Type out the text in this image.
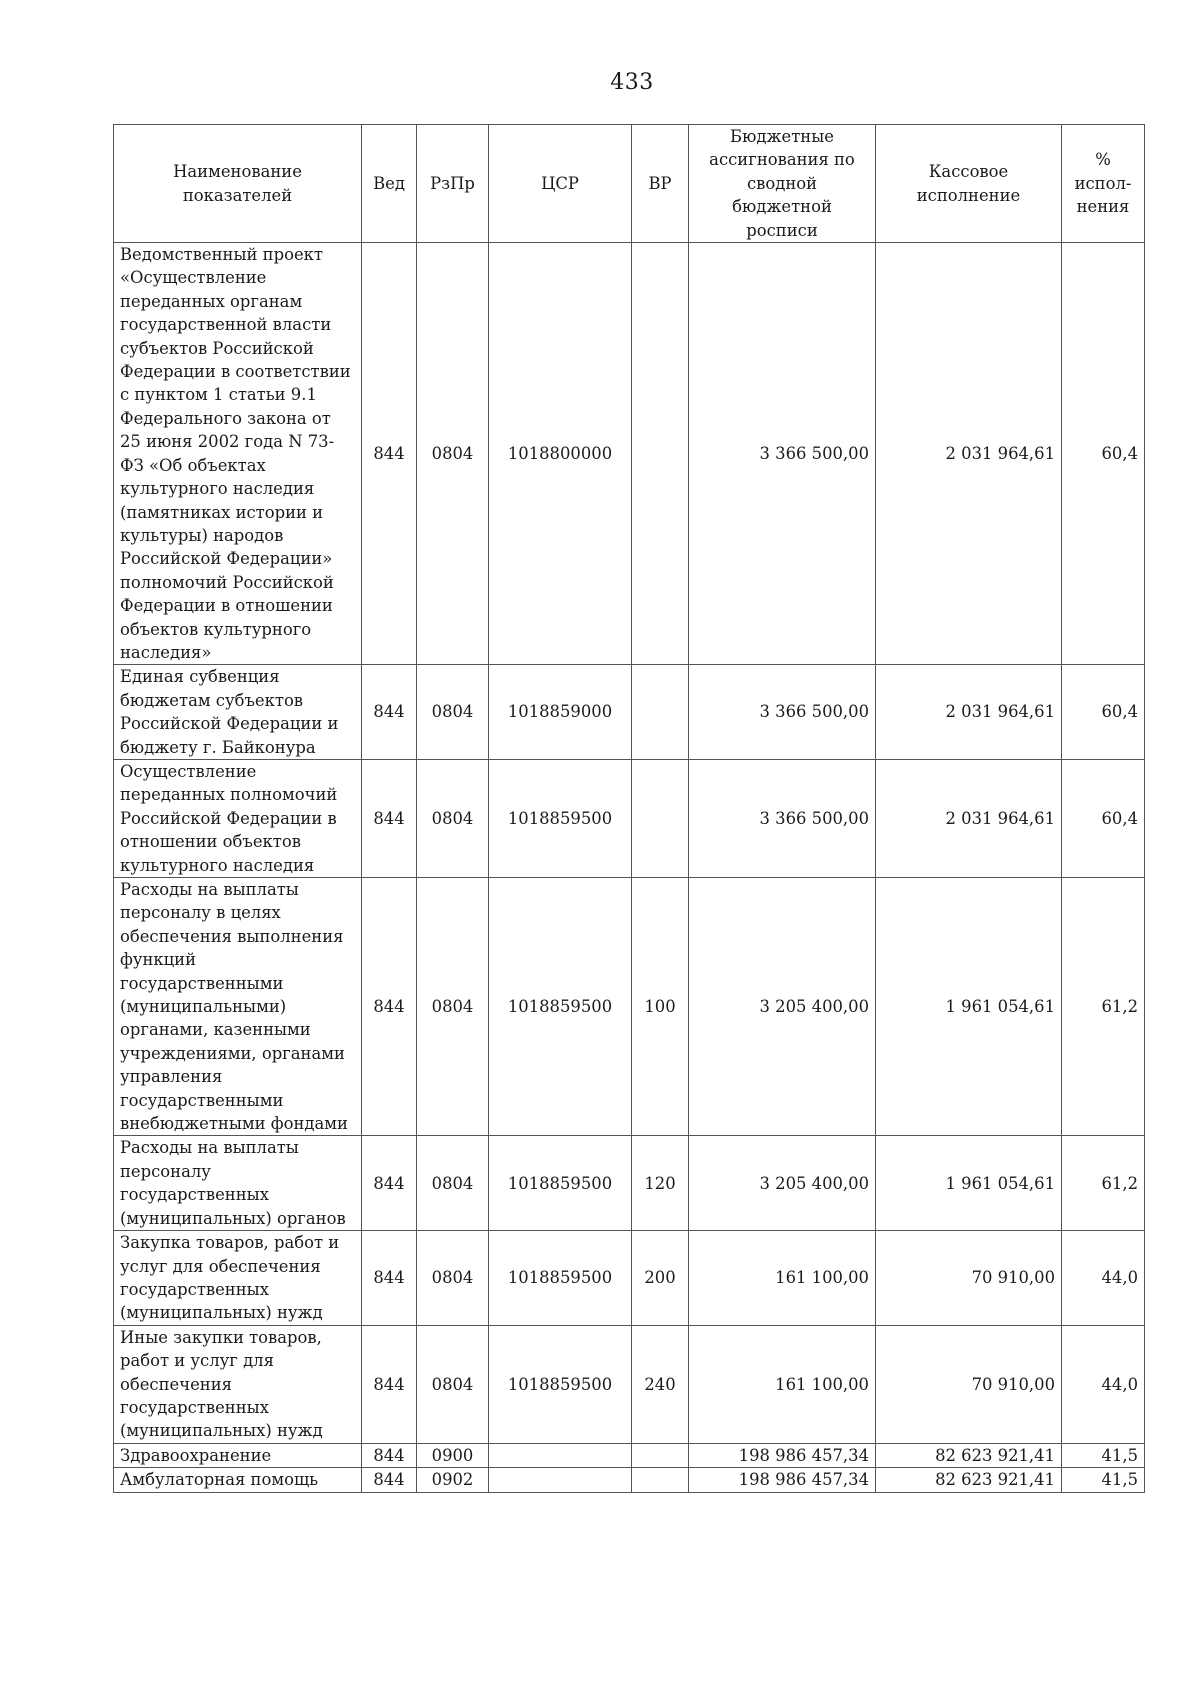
433
Наименование показателей	Вед	РзПр	ЦСР	ВР	Бюджетные ассигнования по сводной бюджетной росписи	Кассовое исполнение	% испол-нения
Ведомственный проект «Осуществление переданных органам государственной власти субъектов Российской Федерации в соответствии с пунктом 1 статьи 9.1 Федерального закона от 25 июня 2002 года N 73-ФЗ «Об объектах культурного наследия (памятниках истории и культуры) народов Российской Федерации» полномочий Российской Федерации в отношении объектов культурного наследия»	844	0804	1018800000		3 366 500,00	2 031 964,61	60,4
Единая субвенция бюджетам субъектов Российской Федерации и бюджету г. Байконура	844	0804	1018859000		3 366 500,00	2 031 964,61	60,4
Осуществление переданных полномочий Российской Федерации в отношении объектов культурного наследия	844	0804	1018859500		3 366 500,00	2 031 964,61	60,4
Расходы на выплаты персоналу в целях обеспечения выполнения функций государственными (муниципальными) органами, казенными учреждениями, органами управления государственными внебюджетными фондами	844	0804	1018859500	100	3 205 400,00	1 961 054,61	61,2
Расходы на выплаты персоналу государственных (муниципальных) органов	844	0804	1018859500	120	3 205 400,00	1 961 054,61	61,2
Закупка товаров, работ и услуг для обеспечения государственных (муниципальных) нужд	844	0804	1018859500	200	161 100,00	70 910,00	44,0
Иные закупки товаров, работ и услуг для обеспечения государственных (муниципальных) нужд	844	0804	1018859500	240	161 100,00	70 910,00	44,0
Здравоохранение	844	0900			198 986 457,34	82 623 921,41	41,5
Амбулаторная помощь	844	0902			198 986 457,34	82 623 921,41	41,5
